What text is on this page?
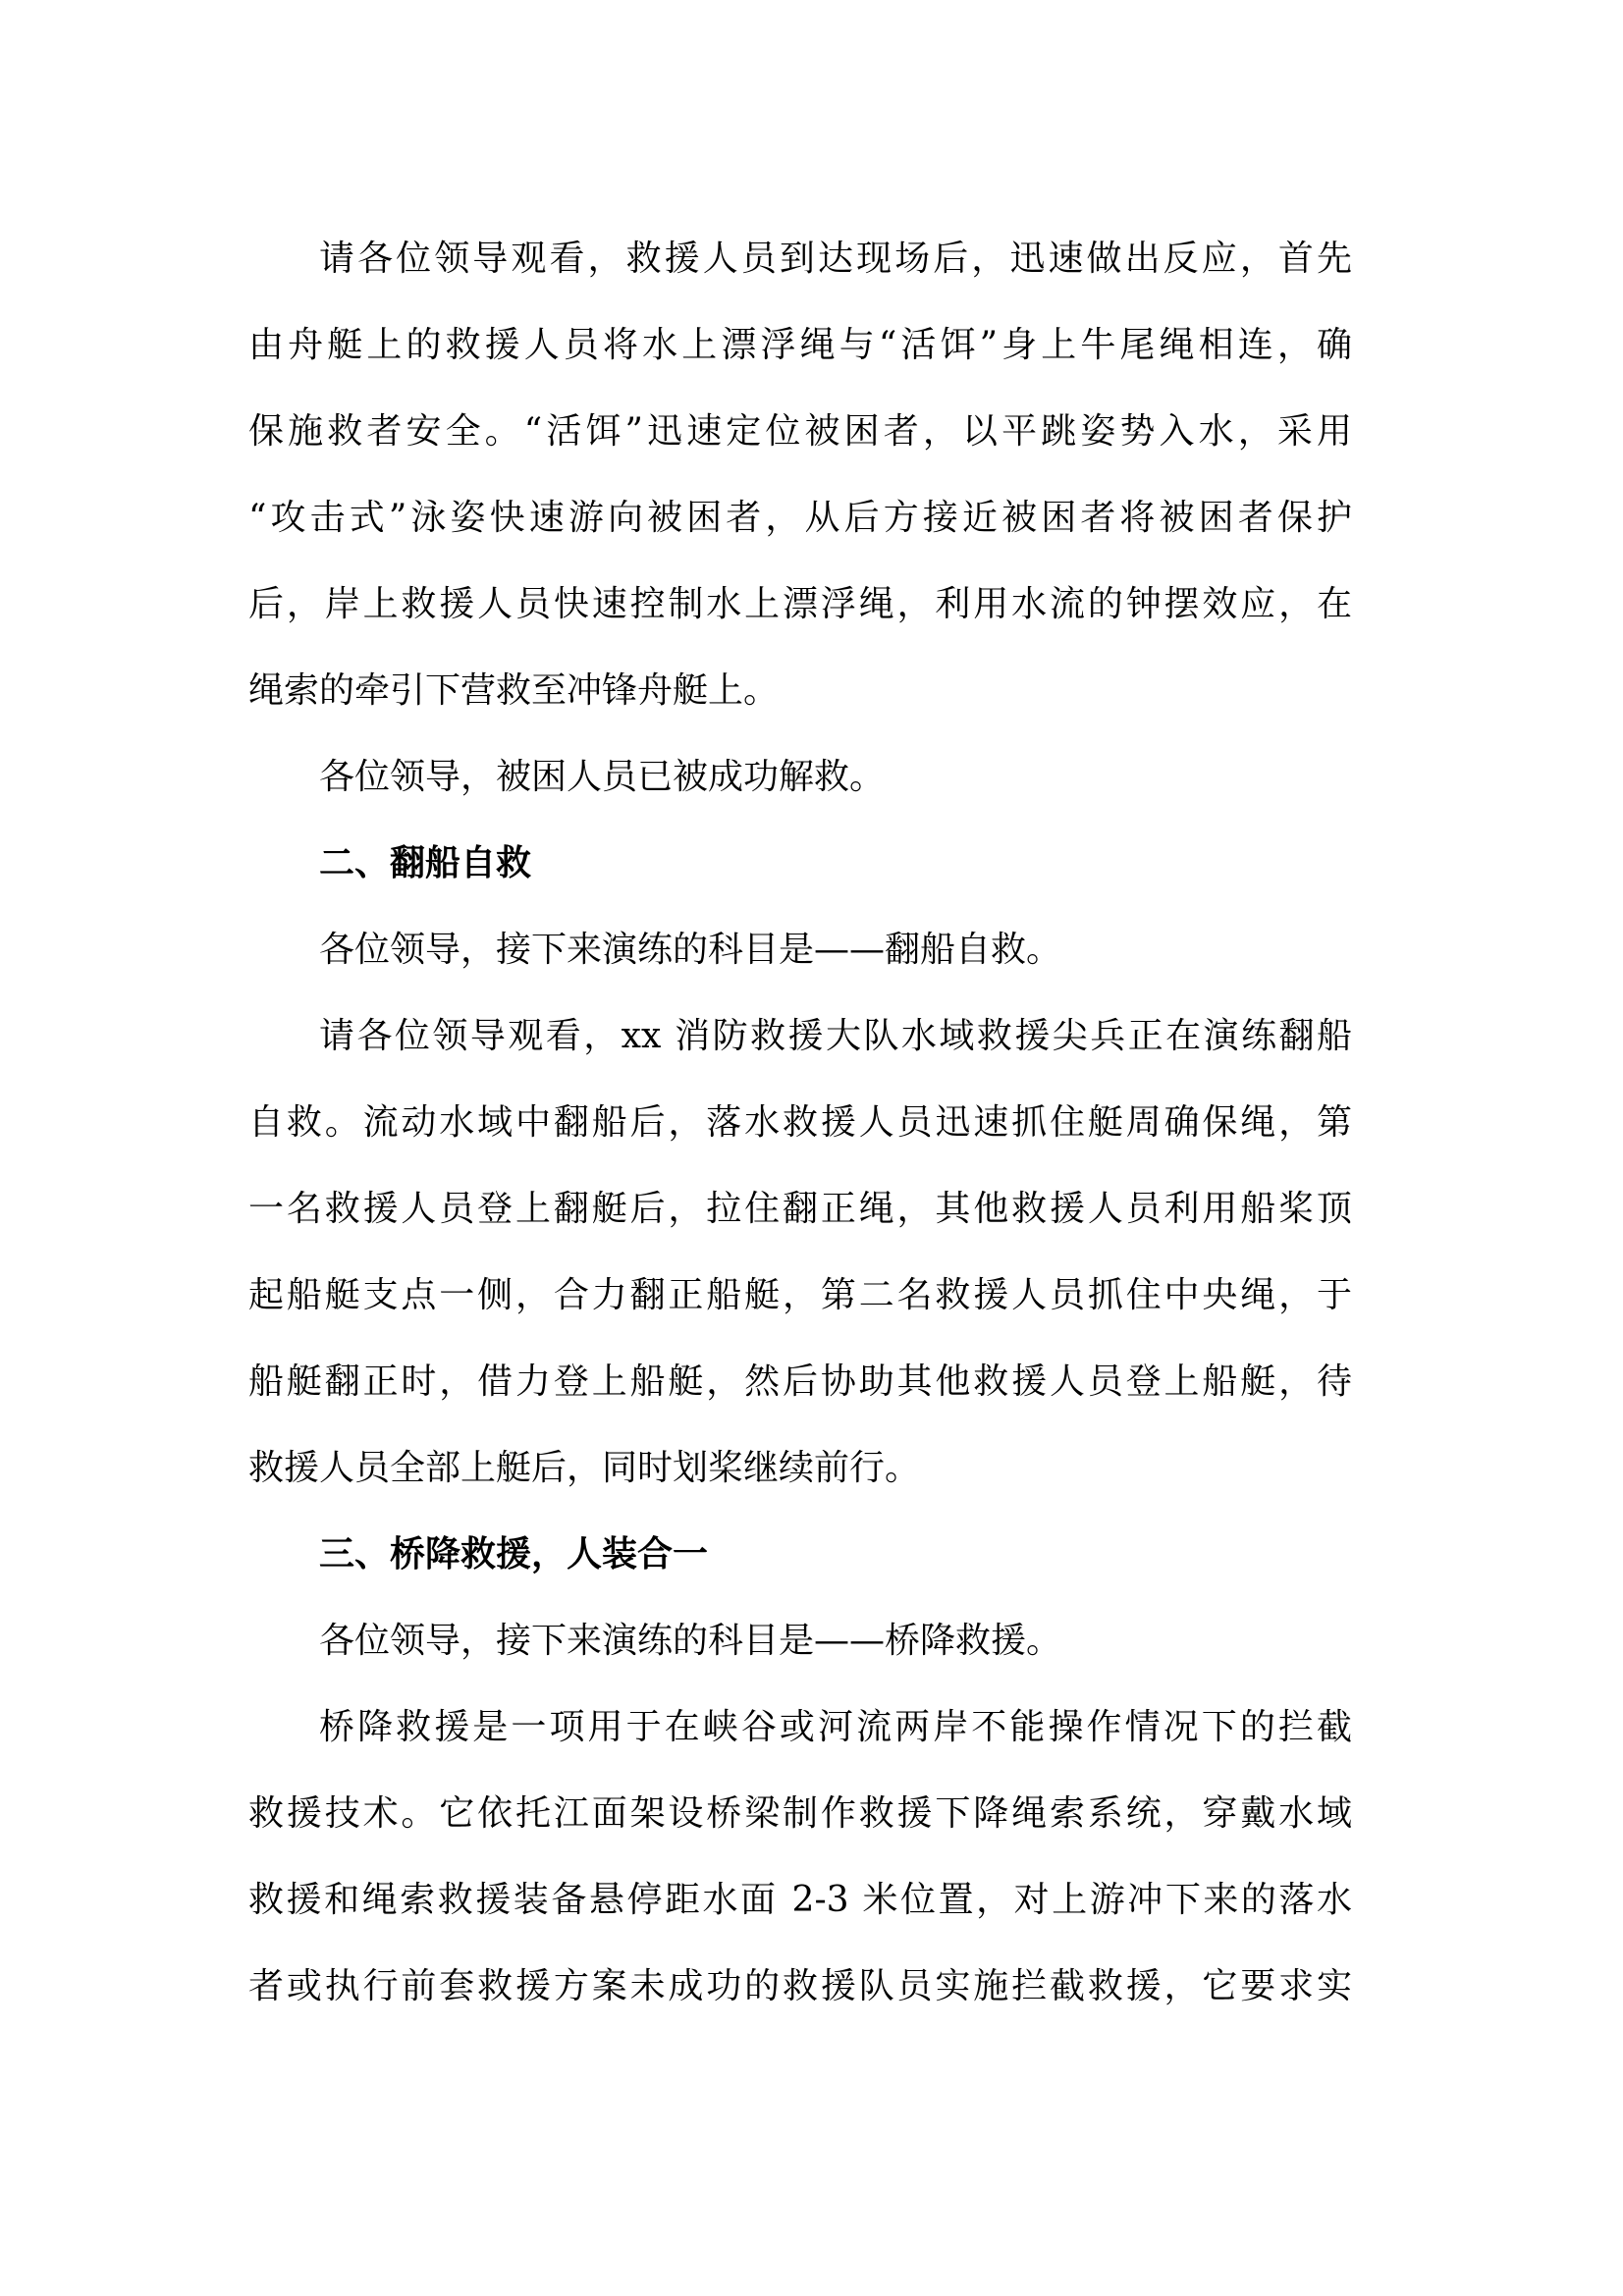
请各位领导观看，救援人员到达现场后，迅速做出反应，首先
由舟艇上的救援人员将水上漂浮绳与“活饵”身上牛尾绳相连，确
保施救者安全。“活饵”迅速定位被困者，以平跳姿势入水，采用
“攻击式”泳姿快速游向被困者，从后方接近被困者将被困者保护
后，岸上救援人员快速控制水上漂浮绳，利用水流的钟摆效应，在
绳索的牵引下营救至冲锋舟艇上。
各位领导，被困人员已被成功解救。
二、翻船自救
各位领导，接下来演练的科目是——翻船自救。
请各位领导观看，xx 消防救援大队水域救援尖兵正在演练翻船
自救。流动水域中翻船后，落水救援人员迅速抓住艇周确保绳，第
一名救援人员登上翻艇后，拉住翻正绳，其他救援人员利用船桨顶
起船艇支点一侧，合力翻正船艇，第二名救援人员抓住中央绳，于
船艇翻正时，借力登上船艇，然后协助其他救援人员登上船艇，待
救援人员全部上艇后，同时划桨继续前行。
三、桥降救援，人装合一
各位领导，接下来演练的科目是——桥降救援。
桥降救援是一项用于在峡谷或河流两岸不能操作情况下的拦截
救援技术。它依托江面架设桥梁制作救援下降绳索系统，穿戴水域
救援和绳索救援装备悬停距水面 2-3 米位置，对上游冲下来的落水
者或执行前套救援方案未成功的救援队员实施拦截救援，它要求实
